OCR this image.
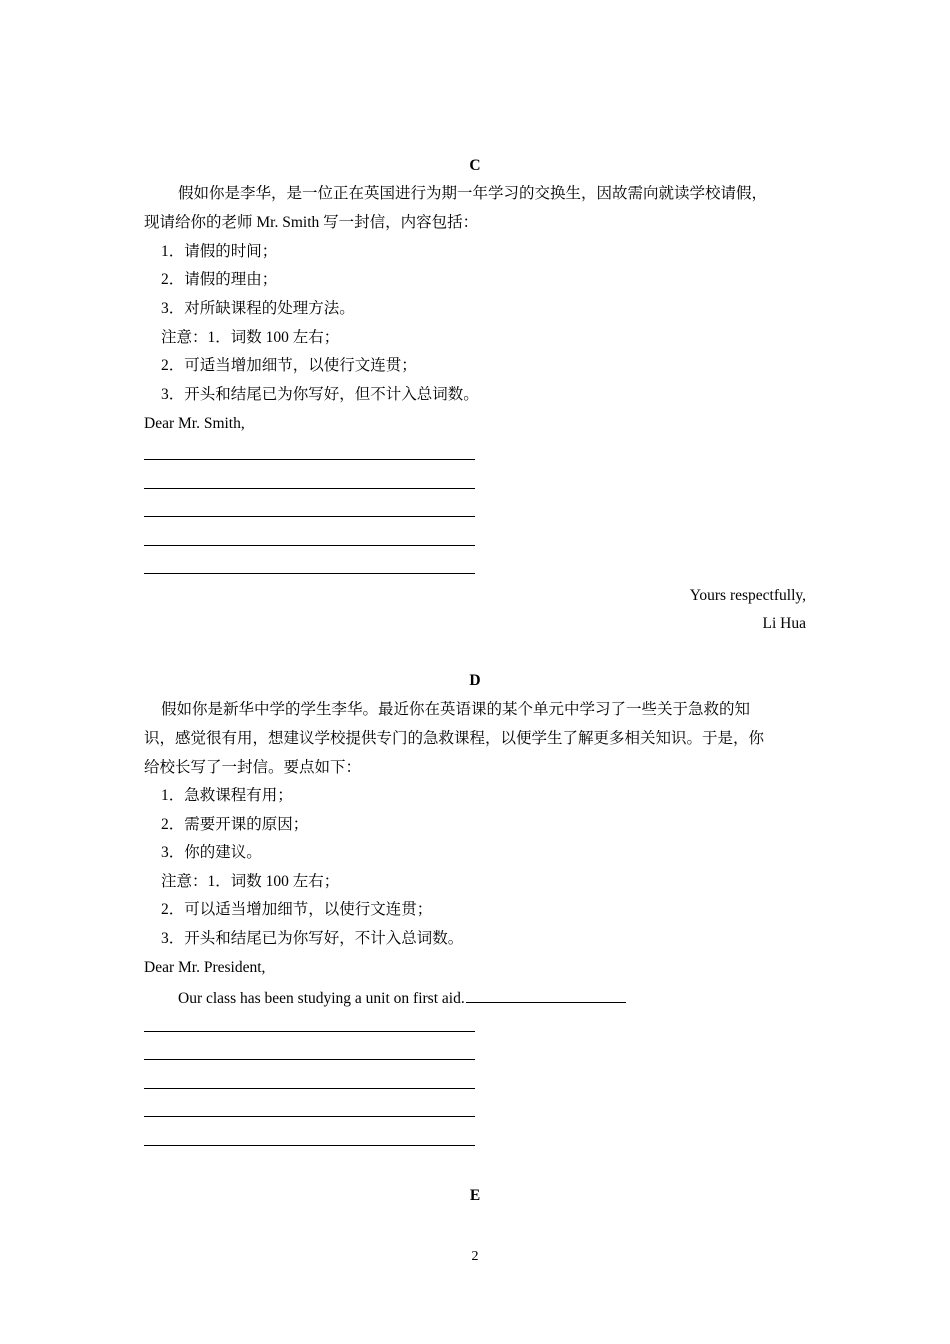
C
假如你是李华，是一位正在英国进行为期一年学习的交换生，因故需向就读学校请假，
现请给你的老师 Mr. Smith 写一封信，内容包括：
1．请假的时间；
2．请假的理由；
3．对所缺课程的处理方法。
注意：1．词数 100 左右；
2．可适当增加细节，以使行文连贯；
3．开头和结尾已为你写好，但不计入总词数。
Dear Mr. Smith,
Yours respectfully,
Li Hua
D
假如你是新华中学的学生李华。最近你在英语课的某个单元中学习了一些关于急救的知
识，感觉很有用，想建议学校提供专门的急救课程，以便学生了解更多相关知识。于是，你
给校长写了一封信。要点如下：
1．急救课程有用；
2．需要开课的原因；
3．你的建议。
注意：1．词数 100 左右；
2．可以适当增加细节，以使行文连贯；
3．开头和结尾已为你写好，不计入总词数。
Dear Mr. President,
Our class has been studying a unit on first aid.
E
2
